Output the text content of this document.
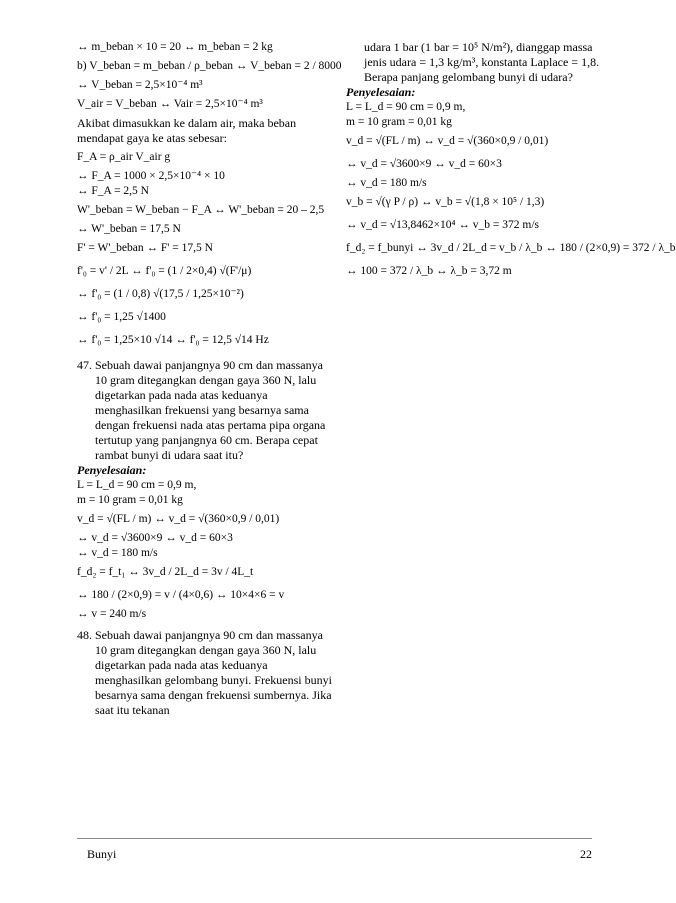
↔ m_beban × 10 = 20 ↔ m_beban = 2 kg
b) V_beban = m_beban / ρ_beban ↔ V_beban = 2 / 8000
↔ V_beban = 2,5×10⁻⁴ m³
V_air = V_beban ↔ Vair = 2,5×10⁻⁴ m³
Akibat dimasukkan ke dalam air, maka beban mendapat gaya ke atas sebesar:
F_A = ρ_air V_air g
↔ F_A = 1000 × 2,5×10⁻⁴ × 10
↔ F_A = 2,5 N
W'_beban = W_beban − F_A ↔ W'_beban = 20 – 2,5
↔ W'_beban = 17,5 N
F' = W'_beban ↔ F' = 17,5 N
f'₀ = v' / 2L ↔ f'₀ = (1 / 2×0,4) √(F'/μ)
↔ f'₀ = (1 / 0,8) √(17,5 / 1,25×10⁻²)
↔ f'₀ = 1,25 √1400
↔ f'₀ = 1,25×10 √14 ↔ f'₀ = 12,5 √14 Hz
47. Sebuah dawai panjangnya 90 cm dan massanya 10 gram ditegangkan dengan gaya 360 N, lalu digetarkan pada nada atas keduanya menghasilkan frekuensi yang besarnya sama dengan frekuensi nada atas pertama pipa organa tertutup yang panjangnya 60 cm. Berapa cepat rambat bunyi di udara saat itu?
Penyelesaian:
L = L_d = 90 cm = 0,9 m,
m = 10 gram = 0,01 kg
v_d = √(FL / m) ↔ v_d = √(360×0,9 / 0,01)
↔ v_d = √3600×9 ↔ v_d = 60×3
↔ v_d = 180 m/s
f_d₂ = f_t₁ ↔ 3v_d / 2L_d = 3v / 4L_t
↔ 180 / (2×0,9) = v / (4×0,6) ↔ 10×4×6 = v
↔ v = 240 m/s
48. Sebuah dawai panjangnya 90 cm dan massanya 10 gram ditegangkan dengan gaya 360 N, lalu digetarkan pada nada atas keduanya menghasilkan gelombang bunyi. Frekuensi bunyi besarnya sama dengan frekuensi sumbernya. Jika saat itu tekanan
udara 1 bar (1 bar = 10⁵ N/m²), dianggap massa jenis udara = 1,3 kg/m³, konstanta Laplace = 1,8. Berapa panjang gelombang bunyi di udara?
Penyelesaian:
L = L_d = 90 cm = 0,9 m,
m = 10 gram = 0,01 kg
v_d = √(FL / m) ↔ v_d = √(360×0,9 / 0,01)
↔ v_d = √3600×9 ↔ v_d = 60×3
↔ v_d = 180 m/s
v_b = √(γ P / ρ) ↔ v_b = √(1,8 × 10⁵ / 1,3)
↔ v_d = √13,8462×10⁴ ↔ v_b = 372 m/s
f_d₂ = f_bunyi ↔ 3v_d / 2L_d = v_b / λ_b ↔ 180 / (2×0,9) = 372 / λ_b
↔ 100 = 372 / λ_b ↔ λ_b = 3,72 m
Bunyi	22
